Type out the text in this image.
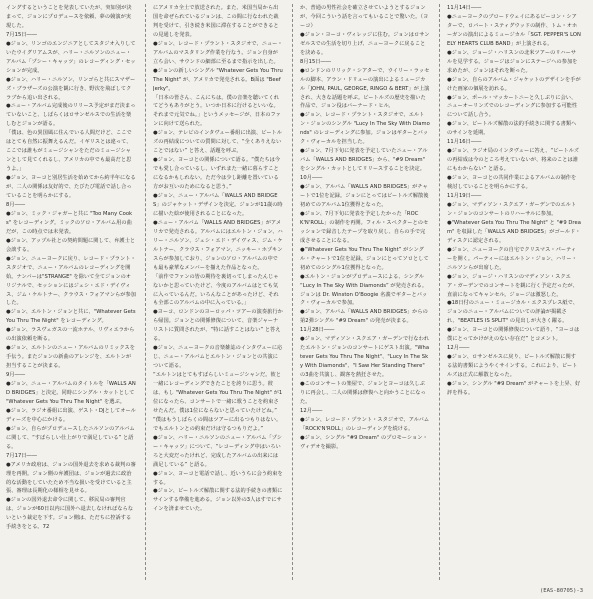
イングするということを発表していたが、突如別が決まって、ジョンにプロデュースを依頼、夢の競演が実現した。

7月15日――

●ジョン、リンゴのエンジニアとしてスタジオ入りしていたウイグリアムスが、ハリー・ニルソンのニュー・アルバム「プシー・キャッツ」のレコーディング・セッションが完成。

●ジョン、ハリー・ニルソン、リンゴらと共にスマザーズ・ブラザーズの公演を観に行き、野次を飛ばしてクラブから追い出される。

●ニュー・アルバム完成後のリリース予定がまだ決まっていないこと、しばらくはロサンゼルスでの生活を楽しむとジョンが語る。

「僕は、色の異国風に住んでいる人間だけど、ここではとても自然に振舞えるんだ。イギリスとは違って、ここでは誰もがミュージシャンをただのミュージシャンとして見てくれるし、アメリカの中でも最高だと思うよ。」

●ジョン、ヨーコと別居生活を始めてから約半年になるが、二人の関係は友好的で、たびたび電話で話し合っていることを明らかにする。

8月――

●ジョン、ミック・ジャガーと共に "Too Many Cooks" をレコーディング。ミックのソロ・アルバム用の曲だが、この時点では未発表。

●ジョン、アップル社との契約問題に関して、弁護士と会談する。

●ジョン、ニューヨークに戻り、レコード・プラント・スタジオで、ニュー・アルバムのレコーディングを開始。ナンバーは"STRANGE" を除いて全てジョンのオリジナルで、セッションにはジェシ・エド・デイヴィス、ジム・ケルトナー、クラウス・フォアマンらが参加した。

●ジョン、エルトン・ジョンと共に、"Whatever Gets You Thru The Night" をレコーディング。

●ジョン、ラスヴェガスの一流ホテル、リヴィエラからの出演依頼を断る。

●ジョン、エルトンのニュー・アルバムのリミックスを手伝う。またジョンの新曲のアレンジを、エルトンが担当することが決まる。

9月――

●ジョン、ニュー・アルバムのタイトルを「WALLS AND BRIDGES」と決定。同時にシングル・カットとして "Whatever Gets You Thru The Night" を選ぶ。

●ジョン、ラジオ番組に出演、ゲスト・DJとしてオールディーズを中心にかける。

●ジョン、自らがプロデュースしたニルソンのアルバムに関して、“すばらしい仕上がりで満足している” と語る。

7月17日――

●アメリカ政府は、ジョンの国外退去を求める裁判の審理を再開。ジョン側の弁護団は、ジョンが過去に政治的な活動をしていたため不当な扱いを受けていると主張、審理は長期化の様相を見せる。

●ジョンの国外退去命令に関して、移民局の審判官は、ジョンが60日以内に国外へ退去しなければならないという裁定を下す。ジョン側は、ただちに控訴する手続きをとる。72

にアメリカ全土で放送された。また、米国当局から出国を命ぜられているジョンは、この間に行なわれた裁判を受けて、引き続き米国に滞在することができるとの見通しを発表。

●ジョン、レコード・プラント・スタジオで、ニュー・アルバムのマスタリング作業を行なう。ジョン自身が立ち会い、サウンドの細部に至るまで指示を出した。

●ジョンの新しいシングル "Whatever Gets You Thru The Night" が、アメリカで発売される。B面は "Beef Jerky"。

「日本の皆さん、こんにちは。僕の音楽を聴いてくれてどうもありがとう。いつか日本に行けるといいな。それまで元気でね。」というメッセージが、日本のファンに向けて送られた。

●ジョン、テレビのインタヴュー番組に出演、ビートルズの再結成についての質問に対して、“全くありえないことではない” と答え、話題を呼ぶ。

●ジョン、ヨーコとの関係について語る。“僕たちは今でも愛し合っているし、いずれまた一緒に暮らすことになるかもしれない。ただ今は少し距離を置いている方がお互いのためになると思う。”

●ジョン、ニュー・アルバム「WALLS AND BRIDGES」のジャケット・デザインを決定。ジョンが11歳の時に描いた絵が使用されることになった。

●ニュー・アルバム「WALLS AND BRIDGES」がアメリカで発売される。アルバムにはエルトン・ジョン、ハリー・ニルソン、ジェシ・エド・デイヴィス、ジム・ケルトナー、クラウス・フォアマン、ニッキー・ホプキンスらが参加しており、ジョンのソロ・アルバムの中でも最も豪華なメンバーを揃えた作品となった。

「前作でファンの皆の期待を裏切ってしまったんじゃないかと思っていたけど、今度のアルバムはとても気に入っているんだ。いろんなことがあったけど、それも全部このアルバムの中に入っている。」

●ヨーコ、ロンドンのヨーロッパ・ツアーの演奏旅行から帰国。ジョンとの関係修復について、音楽ジャーナリストに質問されたが、“特に話すことはない” と答える。

●ジョン、ニューヨークの音楽雑誌のインタヴューに応じ、ニュー・アルバムとエルトン・ジョンとの共演について語る。

“エルトンはとてもすばらしいミュージシャンだ。彼と一緒にレコーディングできたことを誇りに思う。彼は、もし "Whatever Gets You Thru The Night" が1位になったら、コンサートで一緒に歌うことを約束させたんだ。僕は1位にならないと思っていたけどね。”

“僕はもうしばらくの間はツアーに出るつもりはない。でもエルトンとの約束だけは守るつもりだよ。”

●ジョン、ハリー・ニルソンのニュー・アルバム「プシー・キャッツ」について、“レコーディング中はいろいろと大変だったけれど、完成したアルバムの出来には満足している” と語る。

●ジョン、ヨーコと電話で話し、近いうちに会う約束をする。

●ジョン、ビートルズ解散に関する法的手続きの書類にサインする準備を進める。ジョン以外の3人はすでにサインを済ませていた。

か、普通の男性社会を確立させていようとするジョンが、今回こういう話を言ってもいることで驚いた。（ヨーコ）

●ジョン・ヨーコ・ヴィレッジに住む。ジョンはロサンゼルスでの生活を切り上げ、ニューヨークに戻ることを決める。

8月15日――

●ロンドンのリリック・シアターで、ウイリー・ラッセルの脚本、アラン・ドリューの演出によるミュージカル「JOHN, PAUL, GEORGE, RINGO & BERT」が上演され、大きな話題を呼ぶ。ビートルズの歴史を描いた作品で、ジョン役はバーナード・ヒル。

●ジョン、レコード・プラント・スタジオで、エルトン・ジョンのシングル "Lucy In The Sky With Diamonds" のレコーディングに参加。ジョンはギターとバック・ヴォーカルを担当した。

●ジョン、7月下旬に発表を予定していたニュー・アルバム「WALLS AND BRIDGES」から、"#9 Dream" をシングル・カットとしてリリースすることを決定。

10月――

●ジョン、アルバム「WALLS AND BRIDGES」がチャートで1位を記録。ジョンにとってはビートルズ解散後初めてのアルバム1位獲得となった。

●ジョン、7月下旬に発表を予定したかった「ROCK'N'ROLL」の制作を再開。フィル・スペクターとのセッションで録音したテープを取り戻し、自らの手で完成させることになる。

●“Whatever Gets You Thru The Night” がシングル・チャートで1位を記録。ジョンにとってソロとして初めてのシングル1位獲得となった。

●エルトン・ジョンがプロデュースによる、シングル “Lucy In The Sky With Diamonds” が発売される。ジョンは Dr. Winston O'Boogie 名義でギターとバック・ヴォーカルで参加。

●ジョン、アルバム「WALLS AND BRIDGES」からの第2弾シングル "#9 Dream" の発売が決まる。

11月28日――

●ジョン、マディソン・スクエア・ガーデンで行なわれたエルトン・ジョンのコンサートにゲスト出演。"Whatever Gets You Thru The Night"、"Lucy In The Sky With Diamonds"、"I Saw Her Standing There" の3曲を共演し、観客を熱狂させた。

●このコンサートの楽屋で、ジョンとヨーコは久しぶりに再会し、二人の関係は修復へと向かうことになった。

12月――

●ジョン、レコード・プラント・スタジオで、アルバム「ROCK'N'ROLL」のレコーディングを続ける。

●ジョン、シングル "#9 Dream" のプロモーション・ヴィデオを撮影。

11月14日――

●ニューヨークのブロードウェイにあるビーコン・シアターで、ロバート・スティグウッドの制作、トム・オホーガンの演出によるミュージカル「SGT. PEPPER'S LONELY HEARTS CLUB BAND」が上演される。

●ジョン、ジョージ・ハリスンの北米ツアーのリハーサルを見学する。ジョージはジョンにステージへの参加を求めたが、ジョンはそれを断った。

●ジョン、自らのアルバム・ジャケットのデザインを手がけた画家の個展を訪れる。

●ジョン、ポール・マッカートニーと久しぶりに会い、ニューオーリンズでのレコーディングに参加する可能性について話し合う。

●ジョン、ビートルズ解散の法的手続きに関する書類へのサインを延期。

11月16日――

●ジョン、ラジオ局のインタヴューに答え、“ビートルズの再結成は今のところ考えていないが、将来のことは誰にもわからない” と語る。

●ジョン、ヨーコとの共同作業によるアルバムの制作を検討していることを明らかにする。

11月19日――

●ジョン、マディソン・スクエア・ガーデンでのエルトン・ジョンのコンサートのリハーサルに参加。

●"Whatever Gets You Thru The Night" と "#9 Dream" を収録した「WALLS AND BRIDGES」がゴールド・ディスクに認定される。

●ジョン、ニューヨークの自宅でクリスマス・パーティーを開く。パーティーにはエルトン・ジョン、ハリー・ニルソンらが出席した。

●ジョン、ジョージ・ハリスンのマディソン・スクエア・ガーデンでのコンサートを観に行く予定だったが、直前になってキャンセル。ジョージは激怒した。

●18日付のニュー・ミュージカル・エクスプレス紙で、ジョンのニュー・アルバムについての評論が掲載され、"BEATLES IS SPLIT" の見出しが大きく躍る。

●ジョン、ヨーコとの関係修復について語り、“ヨーコは僕にとってかけがえのない存在だ” とコメント。

12月――

●ジョン、ロサンゼルスに戻り、ビートルズ解散に関する法的書類にようやくサインする。これにより、ビートルズは正式に解散となった。

●ジョン、シングル "#9 Dream" がチャートを上昇、好評を得る。

(EAS-80705)-3
